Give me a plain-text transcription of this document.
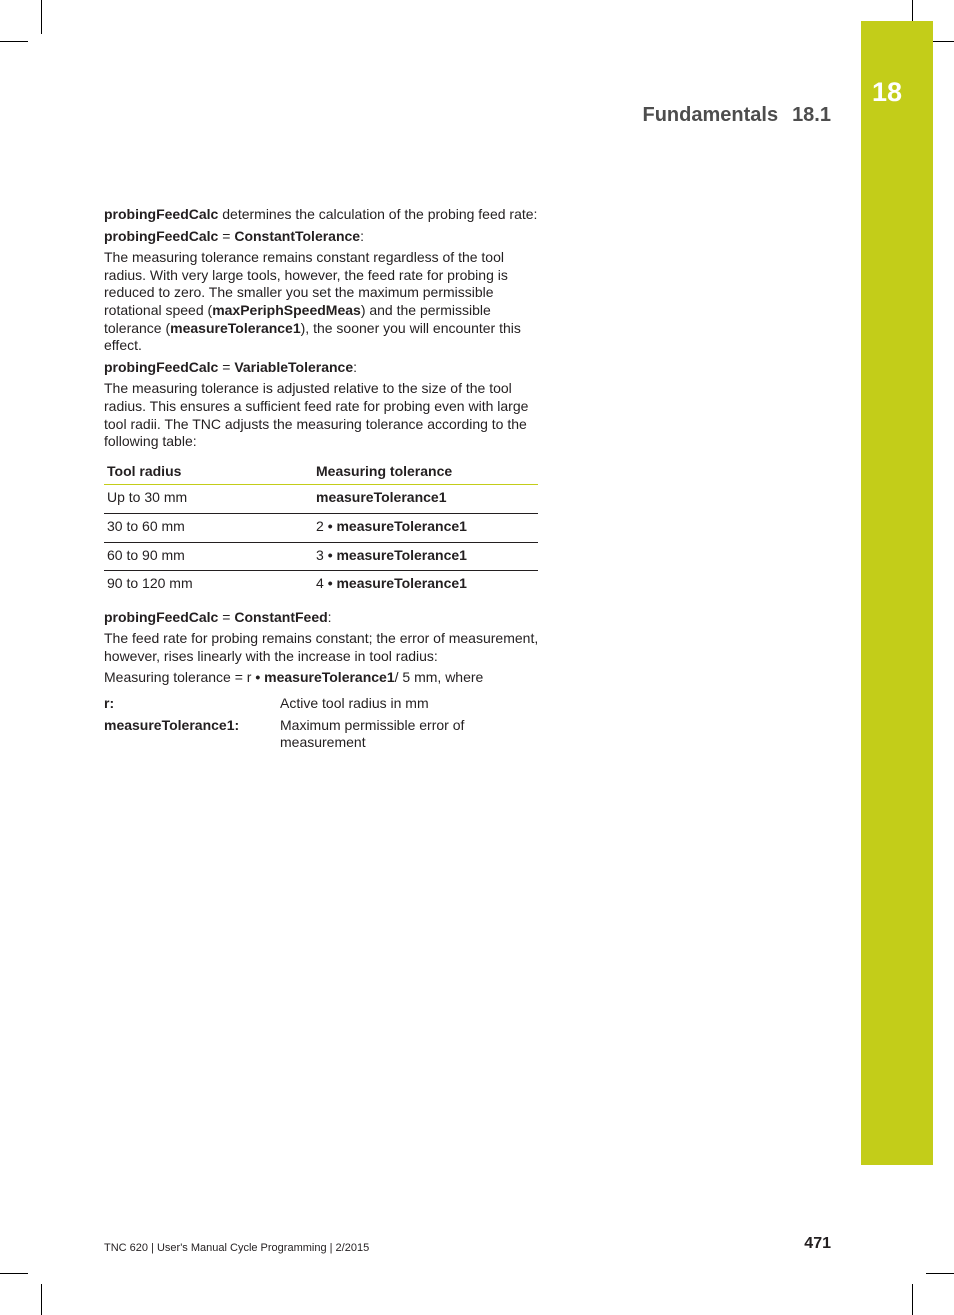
18
Fundamentals 18.1

probingFeedCalc determines the calculation of the probing feed rate:

probingFeedCalc = ConstantTolerance:

The measuring tolerance remains constant regardless of the tool radius. With very large tools, however, the feed rate for probing is reduced to zero. The smaller you set the maximum permissible rotational speed (maxPeriphSpeedMeas) and the permissible tolerance (measureTolerance1), the sooner you will encounter this effect.

probingFeedCalc = VariableTolerance:

The measuring tolerance is adjusted relative to the size of the tool radius. This ensures a sufficient feed rate for probing even with large tool radii. The TNC adjusts the measuring tolerance according to the following table:

Tool radius	Measuring tolerance
Up to 30 mm	measureTolerance1
30 to 60 mm	2 • measureTolerance1
60 to 90 mm	3 • measureTolerance1
90 to 120 mm	4 • measureTolerance1

probingFeedCalc = ConstantFeed:

The feed rate for probing remains constant; the error of measurement, however, rises linearly with the increase in tool radius:

Measuring tolerance = r • measureTolerance1/ 5 mm, where

r:	Active tool radius in mm
measureTolerance1:	Maximum permissible error of measurement
TNC 620 | User's Manual Cycle Programming | 2/2015	471
